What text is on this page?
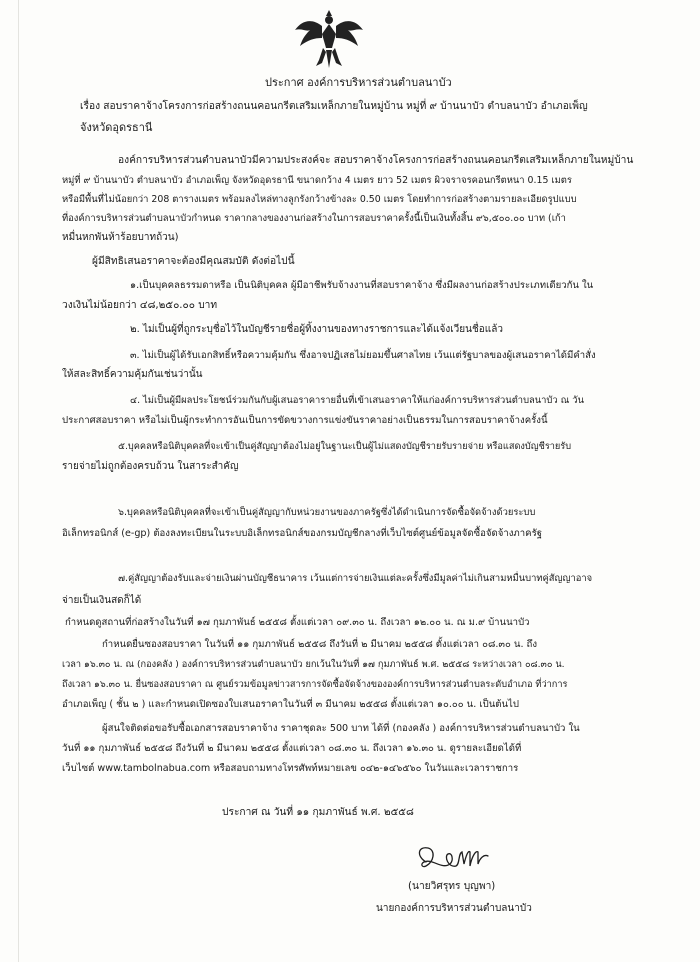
ประกาศ องค์การบริหารส่วนตำบลนาบัว
เรื่อง สอบราคาจ้างโครงการก่อสร้างถนนคอนกรีตเสริมเหล็กภายในหมู่บ้าน หมู่ที่ ๙ บ้านนาบัว ตำบลนาบัว อำเภอเพ็ญ
จังหวัดอุดรธานี
องค์การบริหารส่วนตำบลนาบัวมีความประสงค์จะ สอบราคาจ้างโครงการก่อสร้างถนนคอนกรีตเสริมเหล็กภายในหมู่บ้าน
หมู่ที่ ๙ บ้านนาบัว ตำบลนาบัว อำเภอเพ็ญ จังหวัดอุดรธานี ขนาดกว้าง 4 เมตร ยาว 52 เมตร ผิวจราจรคอนกรีตหนา 0.15 เมตร
หรือมีพื้นที่ไม่น้อยกว่า 208 ตารางเมตร พร้อมลงไหล่ทางลูกรังกว้างข้างละ 0.50 เมตร โดยทำการก่อสร้างตามรายละเอียดรูปแบบ
ที่องค์การบริหารส่วนตำบลนาบัวกำหนด ราคากลางของงานก่อสร้างในการสอบราคาครั้งนี้เป็นเงินทั้งสิ้น ๙๖,๕๐๐.๐๐ บาท (เก้า
หมื่นหกพันห้าร้อยบาทถ้วน)
ผู้มีสิทธิเสนอราคาจะต้องมีคุณสมบัติ ดังต่อไปนี้
๑.เป็นบุคคลธรรมดาหรือ เป็นนิติบุคคล ผู้มีอาชีพรับจ้างงานที่สอบราคาจ้าง ซึ่งมีผลงานก่อสร้างประเภทเดียวกัน ใน
วงเงินไม่น้อยกว่า ๔๘,๒๕๐.๐๐ บาท
๒. ไม่เป็นผู้ที่ถูกระบุชื่อไว้ในบัญชีรายชื่อผู้ทิ้งงานของทางราชการและได้แจ้งเวียนชื่อแล้ว
๓. ไม่เป็นผู้ได้รับเอกสิทธิ์หรือความคุ้มกัน ซึ่งอาจปฏิเสธไม่ยอมขึ้นศาลไทย เว้นแต่รัฐบาลของผู้เสนอราคาได้มีคำสั่ง
ให้สละสิทธิ์ความคุ้มกันเช่นว่านั้น
๔. ไม่เป็นผู้มีผลประโยชน์ร่วมกันกับผู้เสนอราคารายอื่นที่เข้าเสนอราคาให้แก่องค์การบริหารส่วนตำบลนาบัว ณ วัน
ประกาศสอบราคา หรือไม่เป็นผู้กระทำการอันเป็นการขัดขวางการแข่งขันราคาอย่างเป็นธรรมในการสอบราคาจ้างครั้งนี้
๕.บุคคลหรือนิติบุคคลที่จะเข้าเป็นคู่สัญญาต้องไม่อยู่ในฐานะเป็นผู้ไม่แสดงบัญชีรายรับรายจ่าย หรือแสดงบัญชีรายรับ
รายจ่ายไม่ถูกต้องครบถ้วน ในสาระสำคัญ
๖.บุคคลหรือนิติบุคคลที่จะเข้าเป็นคู่สัญญากับหน่วยงานของภาครัฐซึ่งได้ดำเนินการจัดซื้อจัดจ้างด้วยระบบ
อิเล็กทรอนิกส์ (e-gp) ต้องลงทะเบียนในระบบอิเล็กทรอนิกส์ของกรมบัญชีกลางที่เว็บไซต์ศูนย์ข้อมูลจัดซื้อจัดจ้างภาครัฐ
๗.คู่สัญญาต้องรับและจ่ายเงินผ่านบัญชีธนาคาร เว้นแต่การจ่ายเงินแต่ละครั้งซึ่งมีมูลค่าไม่เกินสามหมื่นบาทคู่สัญญาอาจ
จ่ายเป็นเงินสดก็ได้
กำหนดดูสถานที่ก่อสร้างในวันที่ ๑๗ กุมภาพันธ์ ๒๕๕๘ ตั้งแต่เวลา ๐๙.๓๐ น. ถึงเวลา ๑๒.๐๐ น. ณ ม.๙ บ้านนาบัว
กำหนดยื่นซองสอบราคา ในวันที่ ๑๑ กุมภาพันธ์ ๒๕๕๘ ถึงวันที่ ๒ มีนาคม ๒๕๕๘ ตั้งแต่เวลา ๐๘.๓๐ น. ถึง
เวลา ๑๖.๓๐ น. ณ (กองคลัง ) องค์การบริหารส่วนตำบลนาบัว ยกเว้นในวันที่ ๑๗ กุมภาพันธ์ พ.ศ. ๒๕๕๘ ระหว่างเวลา ๐๘.๓๐ น.
ถึงเวลา ๑๖.๓๐ น. ยื่นซองสอบราคา ณ ศูนย์รวมข้อมูลข่าวสารการจัดซื้อจัดจ้างขององค์การบริหารส่วนตำบลระดับอำเภอ ที่ว่าการ
อำเภอเพ็ญ ( ชั้น ๒ ) และกำหนดเปิดซองใบเสนอราคาในวันที่ ๓ มีนาคม ๒๕๕๘ ตั้งแต่เวลา ๑๐.๐๐ น. เป็นต้นไป
ผู้สนใจติดต่อขอรับซื้อเอกสารสอบราคาจ้าง ราคาชุดละ 500 บาท ได้ที่ (กองคลัง ) องค์การบริหารส่วนตำบลนาบัว ใน
วันที่ ๑๑ กุมภาพันธ์ ๒๕๕๘ ถึงวันที่ ๒ มีนาคม ๒๕๕๘ ตั้งแต่เวลา ๐๘.๓๐ น. ถึงเวลา ๑๖.๓๐ น. ดูรายละเอียดได้ที่
เว็บไซต์ www.tambolnabua.com หรือสอบถามทางโทรศัพท์หมายเลข ๐๔๒-๑๔๖๕๖๐ ในวันและเวลาราชการ
ประกาศ ณ วันที่ ๑๑ กุมภาพันธ์ พ.ศ. ๒๕๕๘
(นายวิศรุทร บุญพา)
นายกองค์การบริหารส่วนตำบลนาบัว
